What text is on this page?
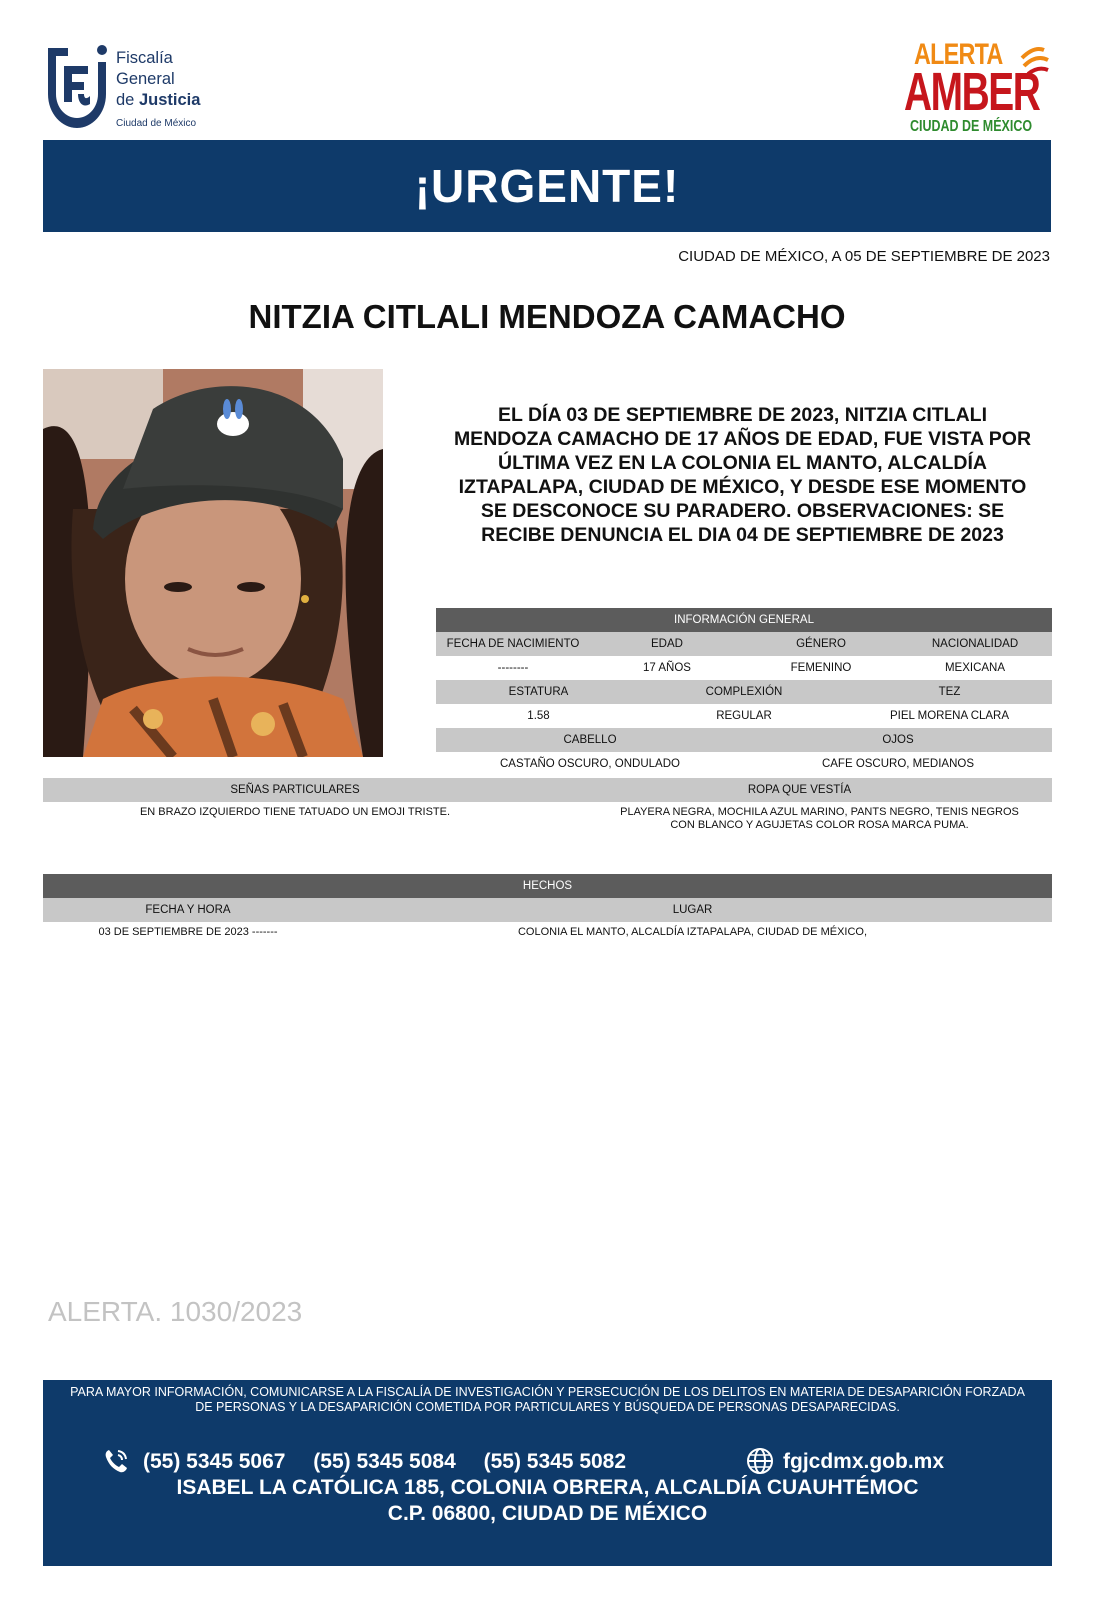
Fiscalía
General
de Justicia
Ciudad de México
ALERTA
AMBER
CIUDAD DE MÉXICO
¡URGENTE!
CIUDAD DE MÉXICO, A 05 DE SEPTIEMBRE DE 2023
NITZIA CITLALI MENDOZA CAMACHO
EL DÍA 03 DE SEPTIEMBRE DE 2023, NITZIA CITLALI MENDOZA CAMACHO DE 17 AÑOS DE EDAD, FUE VISTA POR ÚLTIMA VEZ EN LA COLONIA EL MANTO, ALCALDÍA IZTAPALAPA, CIUDAD DE MÉXICO, Y DESDE ESE MOMENTO SE DESCONOCE SU PARADERO. OBSERVACIONES: SE RECIBE DENUNCIA EL DIA 04 DE SEPTIEMBRE DE 2023
INFORMACIÓN GENERAL			
FECHA DE NACIMIENTO	EDAD	GÉNERO	NACIONALIDAD
--------	17 AÑOS	FEMENINO	MEXICANA
ESTATURA	COMPLEXIÓN	TEZ
1.58	REGULAR	PIEL MORENA CLARA
CABELLO	OJOS
CASTAÑO OSCURO, ONDULADO	CAFE OSCURO, MEDIANOS
SEÑAS PARTICULARES	ROPA QUE VESTÍA
EN BRAZO IZQUIERDO TIENE TATUADO UN EMOJI TRISTE.	PLAYERA NEGRA, MOCHILA AZUL MARINO, PANTS NEGRO, TENIS NEGROS CON BLANCO Y AGUJETAS COLOR ROSA MARCA PUMA.
HECHOS	
FECHA Y HORA	LUGAR
03 DE SEPTIEMBRE DE 2023 -------	COLONIA EL MANTO, ALCALDÍA IZTAPALAPA, CIUDAD DE MÉXICO,
ALERTA. 1030/2023
PARA MAYOR INFORMACIÓN, COMUNICARSE A LA FISCALÍA DE INVESTIGACIÓN Y PERSECUCIÓN DE LOS DELITOS EN MATERIA DE DESAPARICIÓN FORZADA DE PERSONAS Y LA DESAPARICIÓN COMETIDA POR PARTICULARES Y BÚSQUEDA DE PERSONAS DESAPARECIDAS.
(55) 5345 5067 (55) 5345 5084 (55) 5345 5082	fgjcdmx.gob.mx
ISABEL LA CATÓLICA 185, COLONIA OBRERA, ALCALDÍA CUAUHTÉMOC
C.P. 06800, CIUDAD DE MÉXICO
